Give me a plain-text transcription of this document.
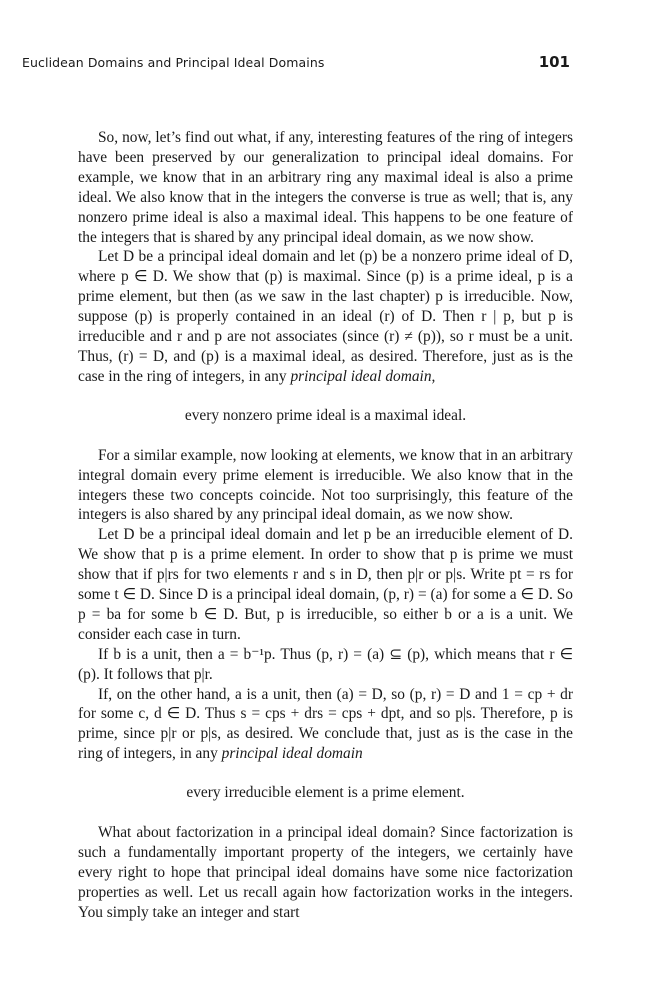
Euclidean Domains and Principal Ideal Domains	101

So, now, let’s find out what, if any, interesting features of the ring of integers have been preserved by our generalization to principal ideal domains. For example, we know that in an arbitrary ring any maximal ideal is also a prime ideal. We also know that in the integers the converse is true as well; that is, any nonzero prime ideal is also a maximal ideal. This happens to be one feature of the integers that is shared by any principal ideal domain, as we now show.

Let D be a principal ideal domain and let (p) be a nonzero prime ideal of D, where p ∈ D. We show that (p) is maximal. Since (p) is a prime ideal, p is a prime element, but then (as we saw in the last chapter) p is irreducible. Now, suppose (p) is properly contained in an ideal (r) of D. Then r | p, but p is irreducible and r and p are not associates (since (r) ≠ (p)), so r must be a unit. Thus, (r) = D, and (p) is a maximal ideal, as desired. Therefore, just as is the case in the ring of integers, in any principal ideal domain,

every nonzero prime ideal is a maximal ideal.

For a similar example, now looking at elements, we know that in an arbitrary integral domain every prime element is irreducible. We also know that in the integers these two concepts coincide. Not too surprisingly, this feature of the integers is also shared by any principal ideal domain, as we now show.

Let D be a principal ideal domain and let p be an irreducible element of D. We show that p is a prime element. In order to show that p is prime we must show that if p|rs for two elements r and s in D, then p|r or p|s. Write pt = rs for some t ∈ D. Since D is a principal ideal domain, (p, r) = (a) for some a ∈ D. So p = ba for some b ∈ D. But, p is irreducible, so either b or a is a unit. We consider each case in turn.

If b is a unit, then a = b⁻¹p. Thus (p, r) = (a) ⊆ (p), which means that r ∈ (p). It follows that p|r.

If, on the other hand, a is a unit, then (a) = D, so (p, r) = D and 1 = cp + dr for some c, d ∈ D. Thus s = cps + drs = cps + dpt, and so p|s. Therefore, p is prime, since p|r or p|s, as desired. We conclude that, just as is the case in the ring of integers, in any principal ideal domain

every irreducible element is a prime element.

What about factorization in a principal ideal domain? Since factorization is such a fundamentally important property of the integers, we certainly have every right to hope that principal ideal domains have some nice factorization properties as well. Let us recall again how factorization works in the integers. You simply take an integer and start
